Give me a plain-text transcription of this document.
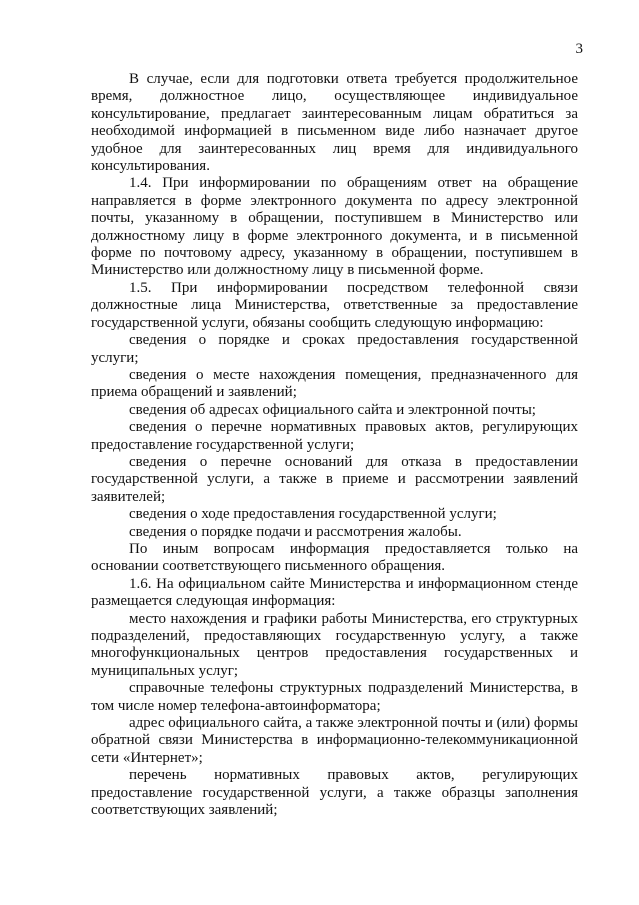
3

В случае, если для подготовки ответа требуется продолжительное время, должностное лицо, осуществляющее индивидуальное консультирование, предлагает заинтересованным лицам обратиться за необходимой информацией в письменном виде либо назначает другое удобное для заинтересованных лиц время для индивидуального консультирования.

1.4. При информировании по обращениям ответ на обращение направляется в форме электронного документа по адресу электронной почты, указанному в обращении, поступившем в Министерство или должностному лицу в форме электронного документа, и в письменной форме по почтовому адресу, указанному в обращении, поступившем в Министерство или должностному лицу в письменной форме.

1.5. При информировании посредством телефонной связи должностные лица Министерства, ответственные за предоставление государственной услуги, обязаны сообщить следующую информацию:

сведения о порядке и сроках предоставления государственной услуги;

сведения о месте нахождения помещения, предназначенного для приема обращений и заявлений;

сведения об адресах официального сайта и электронной почты;

сведения о перечне нормативных правовых актов, регулирующих предоставление государственной услуги;

сведения о перечне оснований для отказа в предоставлении государственной услуги, а также в приеме и рассмотрении заявлений заявителей;

сведения о ходе предоставления государственной услуги;

сведения о порядке подачи и рассмотрения жалобы.

По иным вопросам информация предоставляется только на основании соответствующего письменного обращения.

1.6. На официальном сайте Министерства и информационном стенде размещается следующая информация:

место нахождения и графики работы Министерства, его структурных подразделений, предоставляющих государственную услугу, а также многофункциональных центров предоставления государственных и муниципальных услуг;

справочные телефоны структурных подразделений Министерства, в том числе номер телефона-автоинформатора;

адрес официального сайта, а также электронной почты и (или) формы обратной связи Министерства в информационно-телекоммуникационной сети «Интернет»;

перечень нормативных правовых актов, регулирующих предоставление государственной услуги, а также образцы заполнения соответствующих заявлений;
